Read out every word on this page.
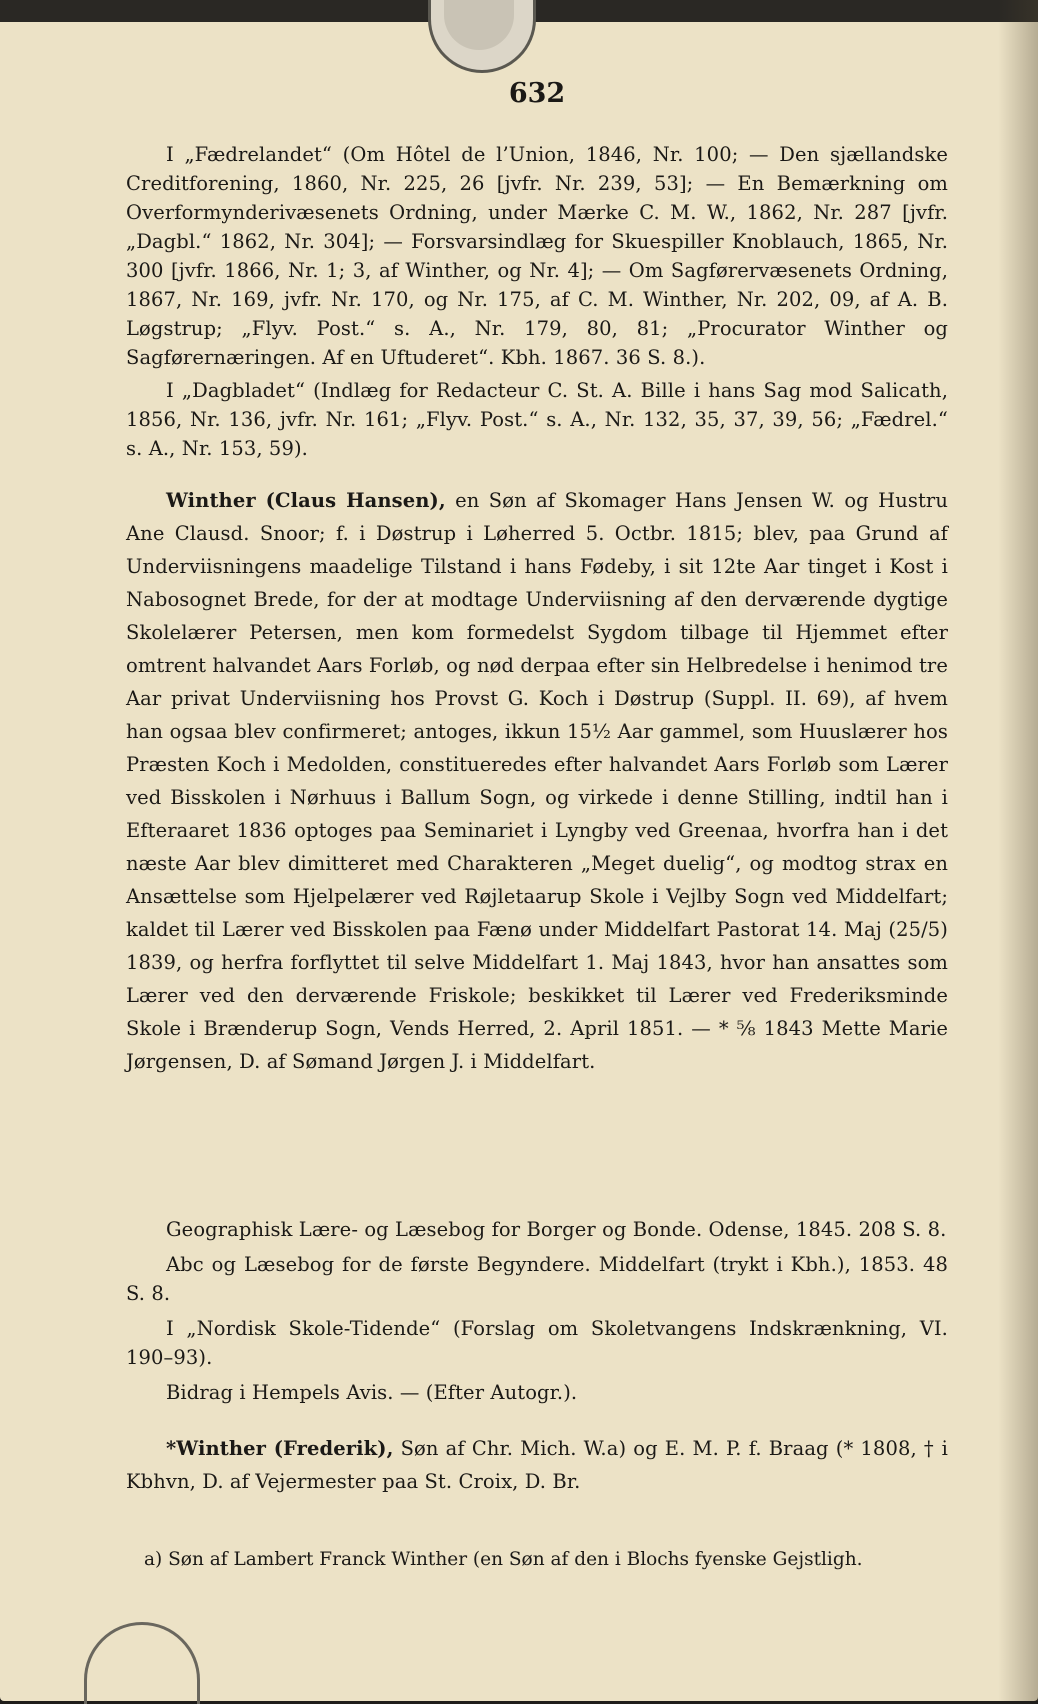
632

I „Fædrelandet“ (Om Hôtel de l’Union, 1846, Nr. 100; — Den sjællandske Creditforening, 1860, Nr. 225, 26 [jvfr. Nr. 239, 53]; — En Bemærkning om Overformynderivæsenets Ordning, under Mærke C. M. W., 1862, Nr. 287 [jvfr. „Dagbl.“ 1862, Nr. 304]; — Forsvarsindlæg for Skuespiller Knoblauch, 1865, Nr. 300 [jvfr. 1866, Nr. 1; 3, af Winther, og Nr. 4]; — Om Sagførervæsenets Ordning, 1867, Nr. 169, jvfr. Nr. 170, og Nr. 175, af C. M. Winther, Nr. 202, 09, af A. B. Løgstrup; „Flyv. Post.“ s. A., Nr. 179, 80, 81; „Procurator Winther og Sagførernæringen. Af en Uftuderet“. Kbh. 1867. 36 S. 8.).

I „Dagbladet“ (Indlæg for Redacteur C. St. A. Bille i hans Sag mod Salicath, 1856, Nr. 136, jvfr. Nr. 161; „Flyv. Post.“ s. A., Nr. 132, 35, 37, 39, 56; „Fædrel.“ s. A., Nr. 153, 59).

Winther (Claus Hansen), en Søn af Skomager Hans Jensen W. og Hustru Ane Clausd. Snoor; f. i Døstrup i Løherred 5. Octbr. 1815; blev, paa Grund af Underviisningens maadelige Tilstand i hans Fødeby, i sit 12te Aar tinget i Kost i Nabosognet Brede, for der at modtage Underviisning af den derværende dygtige Skolelærer Petersen, men kom formedelst Sygdom tilbage til Hjemmet efter omtrent halvandet Aars Forløb, og nød derpaa efter sin Helbredelse i henimod tre Aar privat Underviisning hos Provst G. Koch i Døstrup (Suppl. II. 69), af hvem han ogsaa blev confirmeret; antoges, ikkun 15½ Aar gammel, som Huuslærer hos Præsten Koch i Medolden, constitueredes efter halvandet Aars Forløb som Lærer ved Bisskolen i Nørhuus i Ballum Sogn, og virkede i denne Stilling, indtil han i Efteraaret 1836 optoges paa Seminariet i Lyngby ved Greenaa, hvorfra han i det næste Aar blev dimitteret med Charakteren „Meget duelig“, og modtog strax en Ansættelse som Hjelpelærer ved Røjletaarup Skole i Vejlby Sogn ved Middelfart; kaldet til Lærer ved Bisskolen paa Fænø under Middelfart Pastorat 14. Maj (25/5) 1839, og herfra forflyttet til selve Middelfart 1. Maj 1843, hvor han ansattes som Lærer ved den derværende Friskole; beskikket til Lærer ved Frederiksminde Skole i Brænderup Sogn, Vends Herred, 2. April 1851. — * ⅝ 1843 Mette Marie Jørgensen, D. af Sømand Jørgen J. i Middelfart.

Geographisk Lære- og Læsebog for Borger og Bonde. Odense, 1845. 208 S. 8.

Abc og Læsebog for de første Begyndere. Middelfart (trykt i Kbh.), 1853. 48 S. 8.

I „Nordisk Skole-Tidende“ (Forslag om Skoletvangens Indskrænkning, VI. 190–93).

Bidrag i Hempels Avis. — (Efter Autogr.).

*Winther (Frederik), Søn af Chr. Mich. W.a) og E. M. P. f. Braag (* 1808, † i Kbhvn, D. af Vejermester paa St. Croix, D. Br.

a) Søn af Lambert Franck Winther (en Søn af den i Blochs fyenske Gejstligh.
